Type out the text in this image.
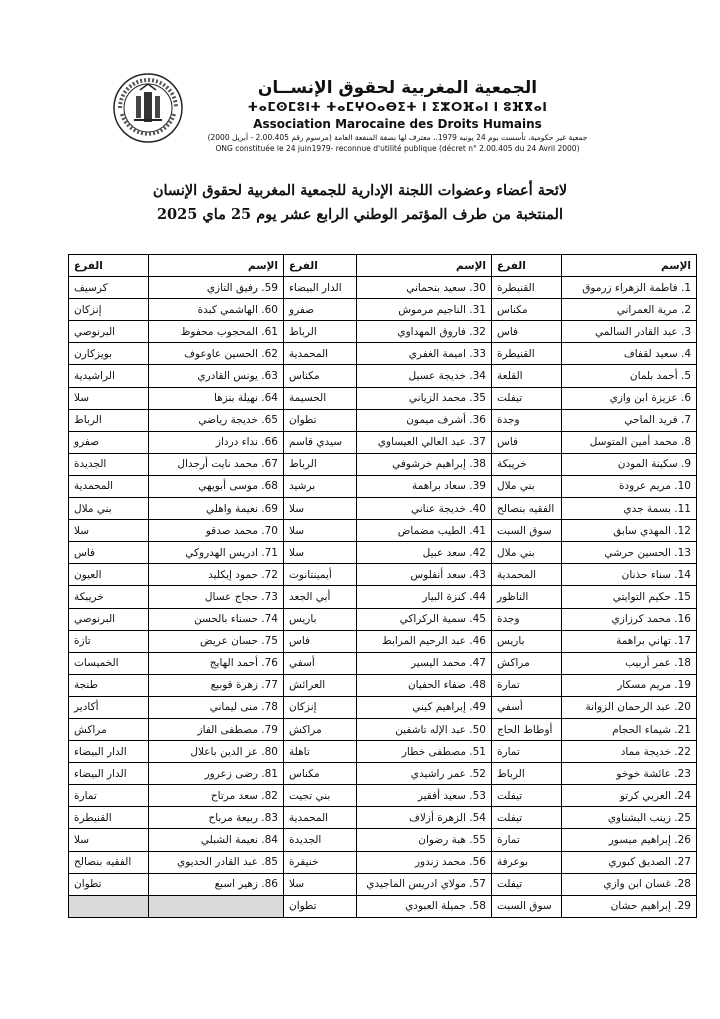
الجمعية المغربية لحقوق الإنســان
ⵜⴰⵎⵙⵎⵓⵏⵜ ⵜⴰⵎⵖⵔⴰⴱⵉⵜ ⵏ ⵉⵣⵔⴼⴰⵏ ⵏ ⵓⴼⴳⴰⵏ
Association Marocaine des Droits Humains
جمعية غير حكومية، تأسست يوم 24 يونيه 1979.، معترف لها بصفة المنفعة العامة (مرسوم رقم 2.00.405 - أبريل 2000)
ONG constituée le 24 juin1979- reconnue d'utilité publique (décret n° 2.00.405 du 24 Avril 2000)
لائحة أعضاء وعضوات اللجنة الإدارية للجمعية المغربية لحقوق الإنسان
المنتخبة من طرف المؤتمر الوطني الرابع عشر يوم 25 ماي 2025
الإسم	الفرع	الإسم	الفرع	الإسم	الفرع
1. فاطمة الزهراء زرموق	القنيطرة	30. سعيد بنحماني	الدار البيضاء	59. رفيق التازي	كرسيف
2. مرية العمراني	مكناس	31. الناجيم مرموش	صفرو	60. الهاشمي كبدة	إنزكان
3. عبد القادر السالمي	فاس	32. فاروق المهداوي	الرباط	61. المحجوب محفوظ	البرنوصي
4. سعيد لقفاف	القنيطرة	33. اميمة الغفري	المحمدية	62. الحسين عاوعوف	بويزكارن
5. أحمد بلمان	القلعة	34. خديجة عسيل	مكناس	63. يونس القادري	الراشيدية
6. عزيزة ابن وازي	تيفلت	35. محمد الزياني	الحسيمة	64. نهيلة بنزها	سلا
7. فريد الماحي	وجدة	36. أشرف ميمون	تطوان	65. خديجة رياضي	الرباط
8. محمد أمين المتوسل	فاس	37. عبد العالي العيساوي	سيدي قاسم	66. نداء درداز	صفرو
9. سكينة المودن	خريبكة	38. إبراهيم خرشوفي	الرباط	67. محمد نايت أرجدال	الجديدة
10. مريم عرودة	بني ملال	39. سعاد براهمة	برشيد	68. موسى أبويهي	المحمدية
11. بسمة جدي	الفقيه بنصالح	40. خديجة عناني	سلا	69. نعيمة واهلي	بني ملال
12. المهدي سابق	سوق السبت	41. الطيب مضماض	سلا	70. محمد صدقو	سلا
13. الحسين حرشي	بني ملال	42. سعد عبيل	سلا	71. ادريس الهدروكي	فاس
14. سناء حذنان	المحمدية	43. سعد أنفلوس	أيمينتانوت	72. حمود إيكليد	العيون
15. حكيم التوايتي	الناظور	44. كنزة البيار	أبي الجعد	73. حجاج عسال	خريبكة
16. محمد كرزازي	وجدة	45. سمية الركراكي	باريس	74. حسناء بالحسن	البرنوصي
17. تهاني براهمة	باريس	46. عبد الرحيم المرابط	فاس	75. حسان عريض	تازة
18. عمر أربيب	مراكش	47. محمد اليسير	أسفي	76. أحمد الهايج	الخميسات
19. مريم مسكار	تمارة	48. صفاء الحفيان	العرائش	77. زهرة قوبيع	طنجة
20. عبد الرحمان الزوانة	أسفي	49. إبراهيم كيني	إنزكان	78. منى ليماني	أكادير
21. شيماء الحجام	أوطاط الحاج	50. عبد الإله تاشفين	مراكش	79. مصطفى الفاز	مراكش
22. خديجة مماد	تمارة	51. مصطفى خطار	تاهلة	80. عز الدين باعلال	الدار البيضاء
23. عائشة خوخو	الرباط	52. عمر راشيدي	مكناس	81. رضى زعرور	الدار البيضاء
24. العربي كرتو	تيفلت	53. سعيد أفقير	بني تجيت	82. سعد مرتاح	تمارة
25. زينب البشناوي	تيفلت	54. الزهرة أزلاف	المحمدية	83. ربيعة مرباح	القنيطرة
26. إبراهيم ميسور	تمارة	55. هبة رضوان	الجديدة	84. نعيمة الشبلي	سلا
27. الصديق كبوري	بوعرفة	56. محمد زندور	خنيفرة	85. عبد القادر الحديوي	الفقيه بنصالح
28. غسان ابن وازي	تيفلت	57. مولاي ادريس الماجيدي	سلا	86. زهير اسبع	تطوان
29. إبراهيم حشان	سوق السبت	58. جميلة العبودي	تطوان		
